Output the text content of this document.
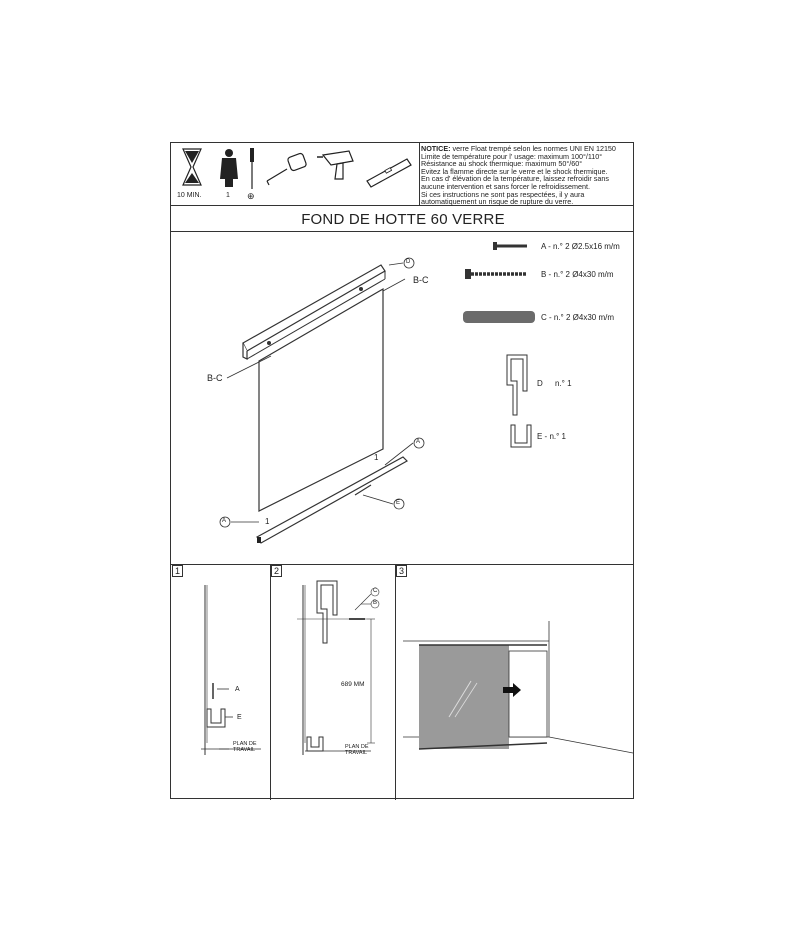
10 MIN.	1 ⊕
NOTICE: verre Float trempé selon les normes UNI EN 12150
Limite de température pour l' usage: maximum 100°/110°
Résistance au shock thermique: maximum 50°/60°
Evitez la flamme directe sur le verre et le shock thermique.
En cas d' élévation de la température, laissez refroidir sans
aucune intervention et sans forcer le refroidissement.
Si ces instructions ne sont pas respectées, il y aura
automatiquement un risque de rupture du verre.
FOND DE HOTTE 60 VERRE
D
B-C
B-C
A
1
E
A	1
A - n.° 2 Ø2.5x16 m/m
B - n.° 2 Ø4x30 m/m
C - n.° 2 Ø4x30 m/m
D n.° 1
E - n.° 1
1	2	3
A
E
PLAN DE
TRAVAIL
C
B
689 MM
PLAN DE
TRAVAIL
